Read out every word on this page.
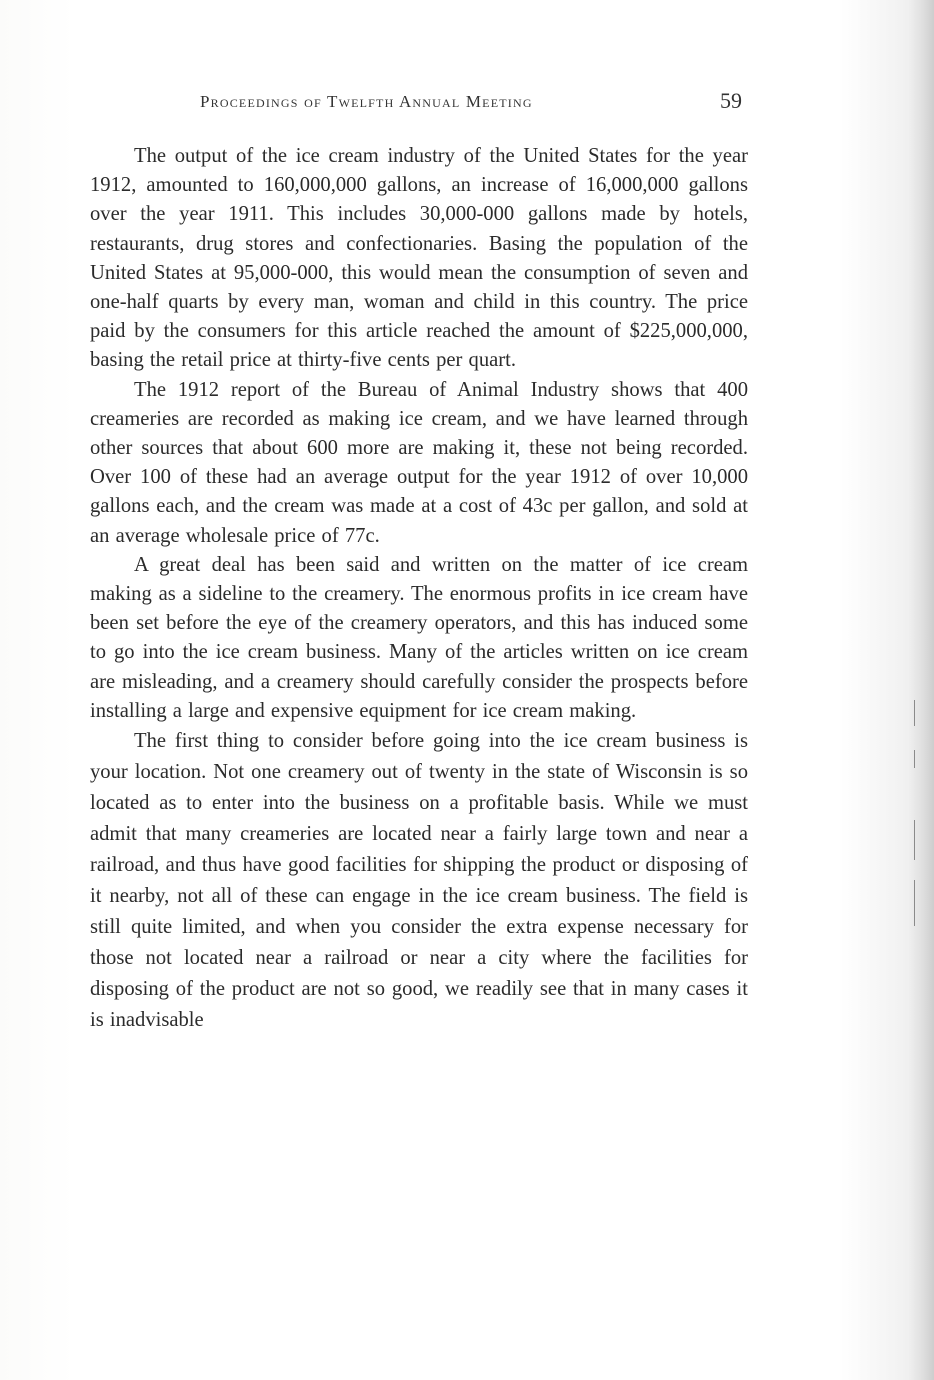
Proceedings of Twelfth Annual Meeting	59

The output of the ice cream industry of the United States for the year 1912, amounted to 160,000,000 gallons, an increase of 16,000,000 gallons over the year 1911. This includes 30,000-000 gallons made by hotels, restaurants, drug stores and confectionaries. Basing the population of the United States at 95,000-000, this would mean the consumption of seven and one-half quarts by every man, woman and child in this country. The price paid by the consumers for this article reached the amount of $225,000,000, basing the retail price at thirty-five cents per quart.

The 1912 report of the Bureau of Animal Industry shows that 400 creameries are recorded as making ice cream, and we have learned through other sources that about 600 more are making it, these not being recorded. Over 100 of these had an average output for the year 1912 of over 10,000 gallons each, and the cream was made at a cost of 43c per gallon, and sold at an average wholesale price of 77c.

A great deal has been said and written on the matter of ice cream making as a sideline to the creamery. The enormous profits in ice cream have been set before the eye of the creamery operators, and this has induced some to go into the ice cream business. Many of the articles written on ice cream are misleading, and a creamery should carefully consider the prospects before installing a large and expensive equipment for ice cream making.

The first thing to consider before going into the ice cream business is your location. Not one creamery out of twenty in the state of Wisconsin is so located as to enter into the business on a profitable basis. While we must admit that many creameries are located near a fairly large town and near a railroad, and thus have good facilities for shipping the product or disposing of it nearby, not all of these can engage in the ice cream business. The field is still quite limited, and when you consider the extra expense necessary for those not located near a railroad or near a city where the facilities for disposing of the product are not so good, we readily see that in many cases it is inadvisable
